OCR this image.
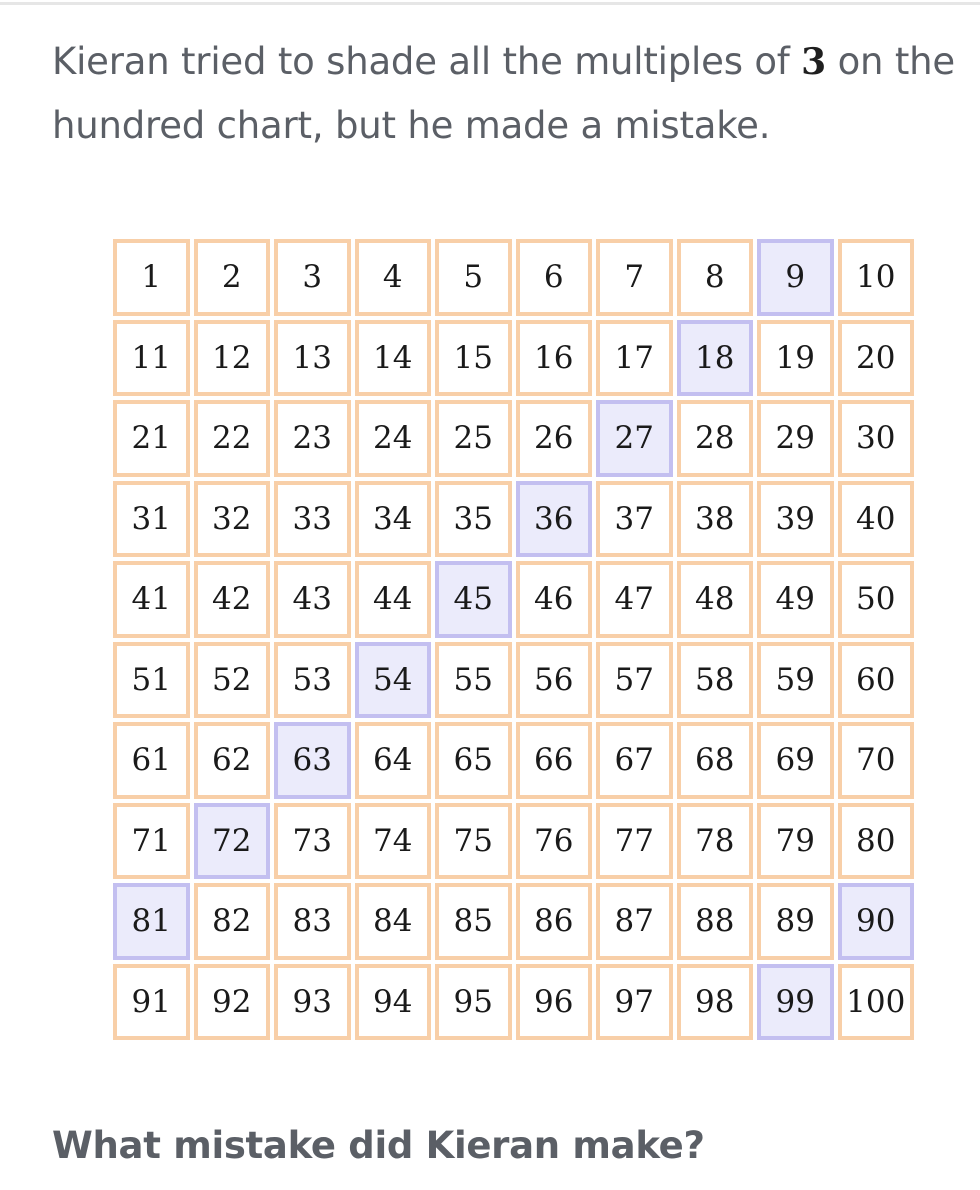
Kieran tried to shade all the multiples of 3 on the hundred chart, but he made a mistake.
1	2	3	4	5	6	7	8	9	10
11	12	13	14	15	16	17	18	19	20
21	22	23	24	25	26	27	28	29	30
31	32	33	34	35	36	37	38	39	40
41	42	43	44	45	46	47	48	49	50
51	52	53	54	55	56	57	58	59	60
61	62	63	64	65	66	67	68	69	70
71	72	73	74	75	76	77	78	79	80
81	82	83	84	85	86	87	88	89	90
91	92	93	94	95	96	97	98	99	100
What mistake did Kieran make?
